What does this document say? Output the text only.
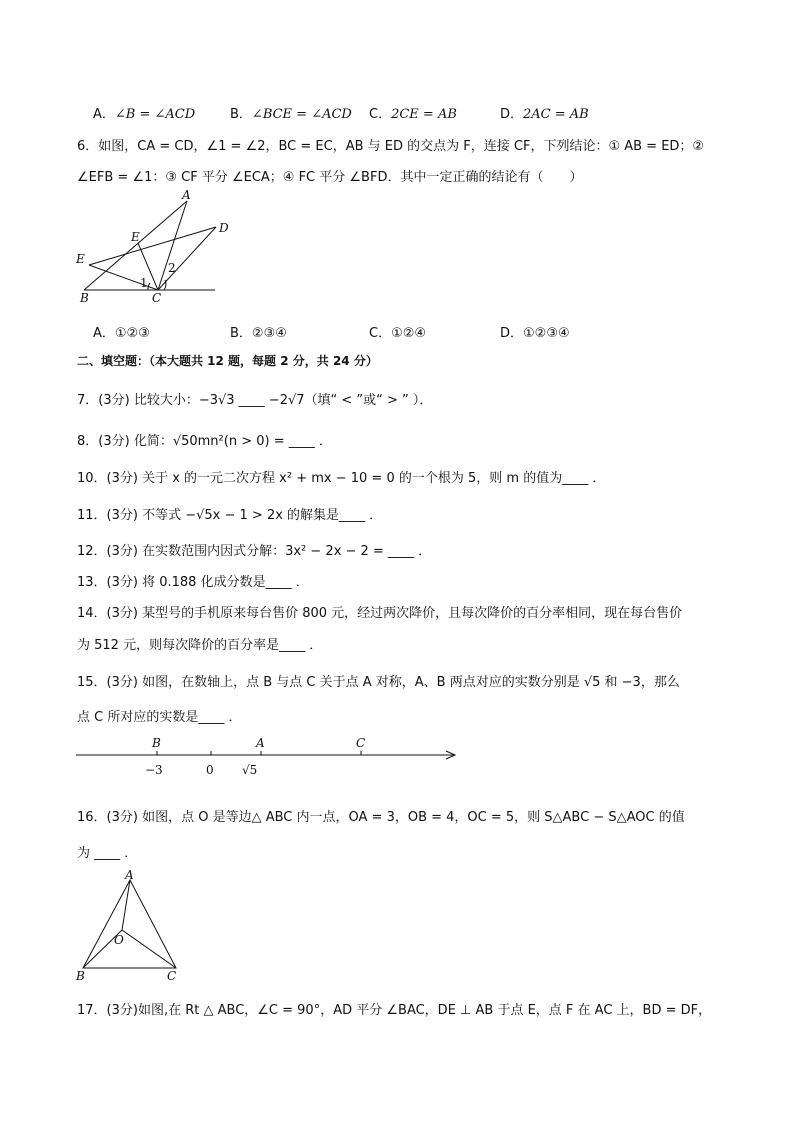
A．∠B = ∠ACD	B．∠BCE = ∠ACD C．2CE = AB	D．2AC = AB
6．如图，CA = CD，∠1 = ∠2，BC = EC，AB 与 ED 的交点为 F，连接 CF，下列结论：① AB = ED；②
∠EFB = ∠1：③ CF 平分 ∠ECA；④ FC 平分 ∠BFD．其中一定正确的结论有（　　）
A
D
E
E
B	C
1
2
A．①②③	B．②③④	C．①②④	D．①②③④
二、填空题：（本大题共 12 题，每题 2 分，共 24 分）
7．(3分) 比较大小：−3√3 ____ −2√7（填“ < ”或“ > ” ）．
8．(3分) 化简：√50mn²(n > 0) = ____ ．
10．(3分) 关于 x 的一元二次方程 x² + mx − 10 = 0 的一个根为 5，则 m 的值为____ ．
11．(3分) 不等式 −√5x − 1 > 2x 的解集是____ ．
12．(3分) 在实数范围内因式分解：3x² − 2x − 2 = ____ ．
13．(3分) 将 0.18̇8̇ 化成分数是____ ．
14．(3分) 某型号的手机原来每台售价 800 元，经过两次降价，且每次降价的百分率相同，现在每台售价
为 512 元，则每次降价的百分率是____ ．
15．(3分) 如图，在数轴上，点 B 与点 C 关于点 A 对称，A、B 两点对应的实数分别是 √5 和 −3，那么
点 C 所对应的实数是____ ．
B	A	C
−3	0 √5
16．(3分) 如图，点 O 是等边△ ABC 内一点，OA = 3，OB = 4，OC = 5，则 S△ABC − S△AOC 的值
为 ____ ．
A
B	C
O
17．(3分)如图,在 Rt △ ABC，∠C = 90°，AD 平分 ∠BAC，DE ⊥ AB 于点 E，点 F 在 AC 上，BD = DF，
